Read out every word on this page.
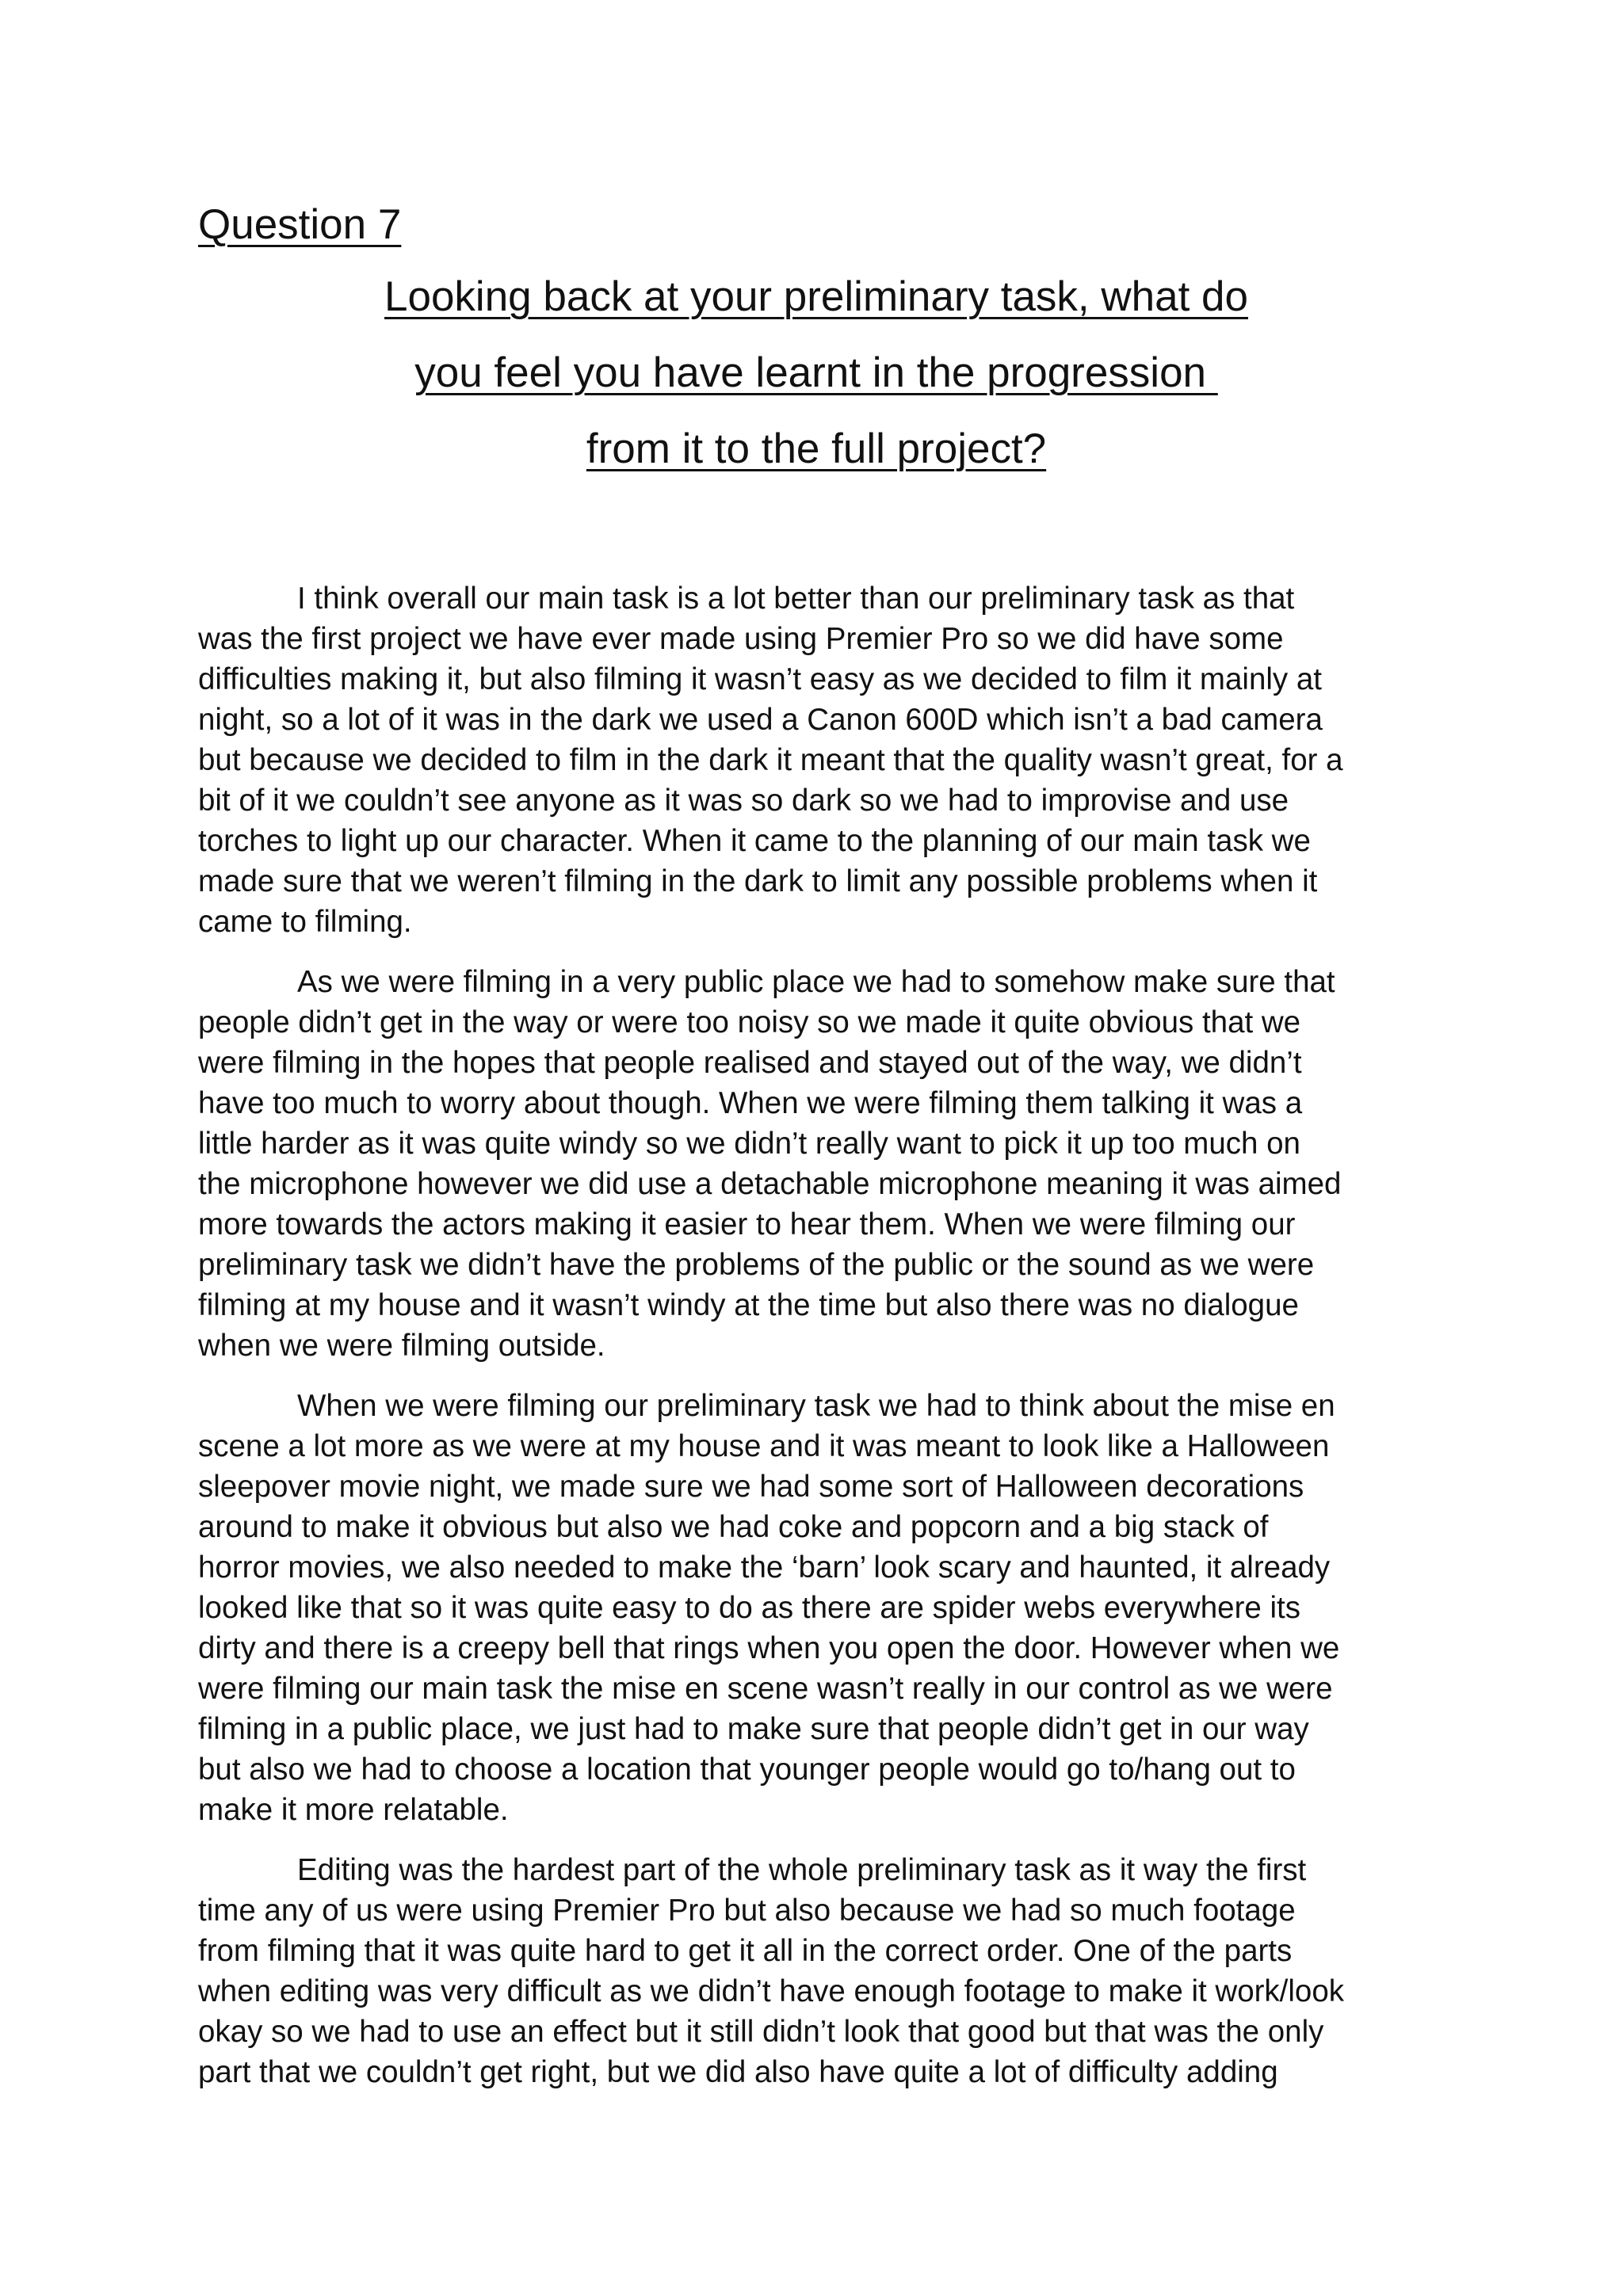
Question 7
Looking back at your preliminary task, what do
you feel you have learnt in the progression
from it to the full project?

I think overall our main task is a lot better than our preliminary task as that
was the first project we have ever made using Premier Pro so we did have some
difficulties making it, but also filming it wasn’t easy as we decided to film it mainly at
night, so a lot of it was in the dark we used a Canon 600D which isn’t a bad camera
but because we decided to film in the dark it meant that the quality wasn’t great, for a
bit of it we couldn’t see anyone as it was so dark so we had to improvise and use
torches to light up our character. When it came to the planning of our main task we
made sure that we weren’t filming in the dark to limit any possible problems when it
came to filming.

As we were filming in a very public place we had to somehow make sure that
people didn’t get in the way or were too noisy so we made it quite obvious that we
were filming in the hopes that people realised and stayed out of the way, we didn’t
have too much to worry about though. When we were filming them talking it was a
little harder as it was quite windy so we didn’t really want to pick it up too much on
the microphone however we did use a detachable microphone meaning it was aimed
more towards the actors making it easier to hear them. When we were filming our
preliminary task we didn’t have the problems of the public or the sound as we were
filming at my house and it wasn’t windy at the time but also there was no dialogue
when we were filming outside.

When we were filming our preliminary task we had to think about the mise en
scene a lot more as we were at my house and it was meant to look like a Halloween
sleepover movie night, we made sure we had some sort of Halloween decorations
around to make it obvious but also we had coke and popcorn and a big stack of
horror movies, we also needed to make the ‘barn’ look scary and haunted, it already
looked like that so it was quite easy to do as there are spider webs everywhere its
dirty and there is a creepy bell that rings when you open the door. However when we
were filming our main task the mise en scene wasn’t really in our control as we were
filming in a public place, we just had to make sure that people didn’t get in our way
but also we had to choose a location that younger people would go to/hang out to
make it more relatable.

Editing was the hardest part of the whole preliminary task as it way the first
time any of us were using Premier Pro but also because we had so much footage
from filming that it was quite hard to get it all in the correct order. One of the parts
when editing was very difficult as we didn’t have enough footage to make it work/look
okay so we had to use an effect but it still didn’t look that good but that was the only
part that we couldn’t get right, but we did also have quite a lot of difficulty adding
